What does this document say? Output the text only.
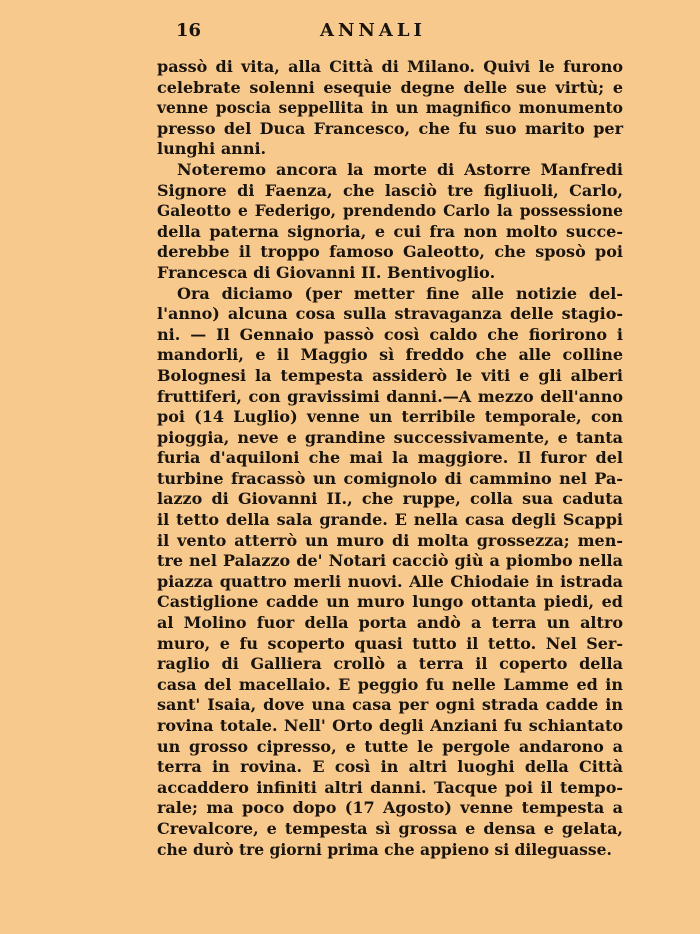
16	ANNALI
passò di vita, alla Città di Milano. Quivi le furono
celebrate solenni esequie degne delle sue virtù; e
venne poscia seppellita in un magnifico monumento
presso del Duca Francesco, che fu suo marito per
lunghi anni.
Noteremo ancora la morte di Astorre Manfredi
Signore di Faenza, che lasciò tre figliuoli, Carlo,
Galeotto e Federigo, prendendo Carlo la possessione
della paterna signoria, e cui fra non molto succe-
derebbe il troppo famoso Galeotto, che sposò poi
Francesca di Giovanni II. Bentivoglio.
Ora diciamo (per metter fine alle notizie del-
l'anno) alcuna cosa sulla stravaganza delle stagio-
ni. — Il Gennaio passò così caldo che fiorirono i
mandorli, e il Maggio sì freddo che alle colline
Bolognesi la tempesta assiderò le viti e gli alberi
fruttiferi, con gravissimi danni.—A mezzo dell'anno
poi (14 Luglio) venne un terribile temporale, con
pioggia, neve e grandine successivamente, e tanta
furia d'aquiloni che mai la maggiore. Il furor del
turbine fracassò un comignolo di cammino nel Pa-
lazzo di Giovanni II., che ruppe, colla sua caduta
il tetto della sala grande. E nella casa degli Scappi
il vento atterrò un muro di molta grossezza; men-
tre nel Palazzo de' Notari cacciò giù a piombo nella
piazza quattro merli nuovi. Alle Chiodaie in istrada
Castiglione cadde un muro lungo ottanta piedi, ed
al Molino fuor della porta andò a terra un altro
muro, e fu scoperto quasi tutto il tetto. Nel Ser-
raglio di Galliera crollò a terra il coperto della
casa del macellaio. E peggio fu nelle Lamme ed in
sant' Isaia, dove una casa per ogni strada cadde in
rovina totale. Nell' Orto degli Anziani fu schiantato
un grosso cipresso, e tutte le pergole andarono a
terra in rovina. E così in altri luoghi della Città
accaddero infiniti altri danni. Tacque poi il tempo-
rale; ma poco dopo (17 Agosto) venne tempesta a
Crevalcore, e tempesta sì grossa e densa e gelata,
che durò tre giorni prima che appieno si dileguasse.
